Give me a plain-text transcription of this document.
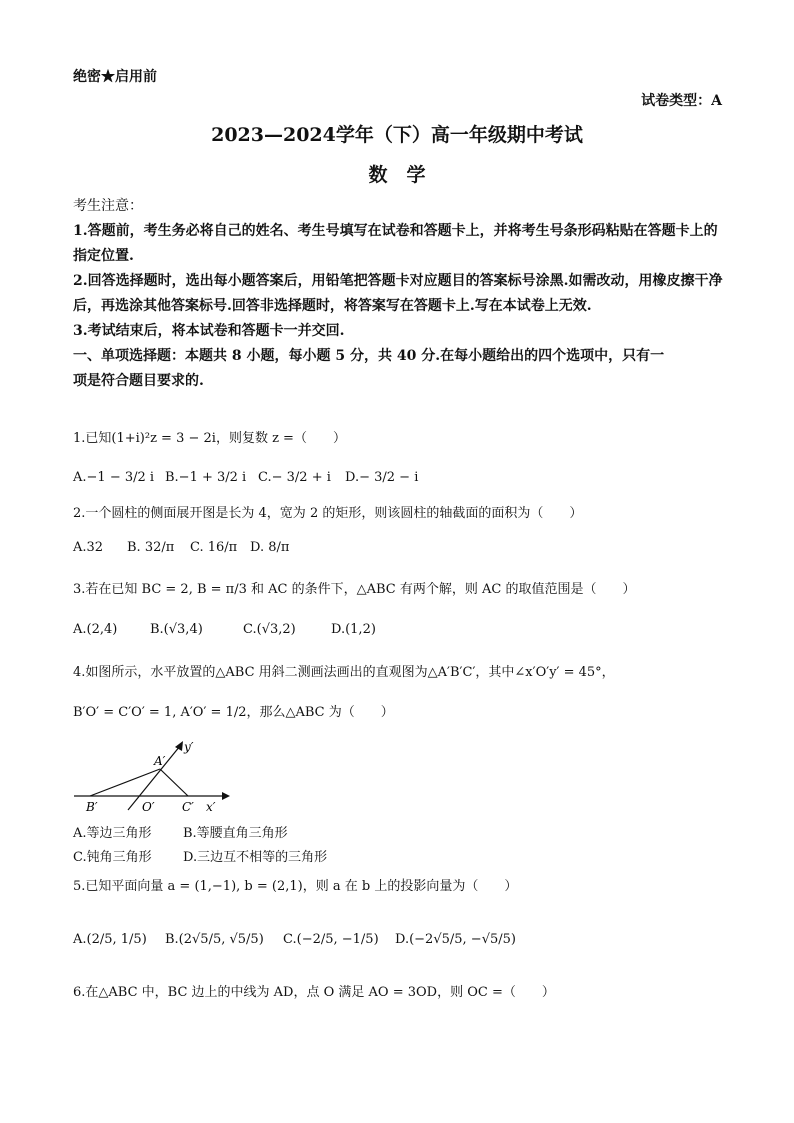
绝密★启用前
试卷类型：A
2023—2024学年（下）高一年级期中考试
数　学
考生注意：
1.答题前，考生务必将自己的姓名、考生号填写在试卷和答题卡上，并将考生号条形码粘贴在答题卡上的指定位置.
2.回答选择题时，选出每小题答案后，用铅笔把答题卡对应题目的答案标号涂黑.如需改动，用橡皮擦干净后，再选涂其他答案标号.回答非选择题时，将答案写在答题卡上.写在本试卷上无效.
3.考试结束后，将本试卷和答题卡一并交回.
一、单项选择题：本题共 8 小题，每小题 5 分，共 40 分.在每小题给出的四个选项中，只有一
项是符合题目要求的.
1.已知(1+i)²z = 3 − 2i，则复数 z =（　　）
A.−1 − 3/2 i B.−1 + 3/2 i C.− 3/2 + i D.− 3/2 − i
2.一个圆柱的侧面展开图是长为 4，宽为 2 的矩形，则该圆柱的轴截面的面积为（　　）
A.32 B. 32/π C. 16/π D. 8/π
3.若在已知 BC = 2, B = π/3 和 AC 的条件下，△ABC 有两个解，则 AC 的取值范围是（　　）
A.(2,4)	B.(√3,4)	C.(√3,2)	D.(1,2)
4.如图所示，水平放置的△ABC 用斜二测画法画出的直观图为△A′B′C′，其中∠x′O′y′ = 45°，
B′O′ = C′O′ = 1, A′O′ = 1/2，那么△ABC 为（　　）
A′
y′
B′	O′ C′ x′
A.等边三角形 B.等腰直角三角形
C.钝角三角形 D.三边互不相等的三角形
5.已知平面向量 a = (1,−1), b = (2,1)，则 a 在 b 上的投影向量为（　　）
A.(2/5, 1/5) B.(2√5/5, √5/5) C.(−2/5, −1/5) D.(−2√5/5, −√5/5)
6.在△ABC 中，BC 边上的中线为 AD，点 O 满足 AO = 3OD，则 OC =（　　）
